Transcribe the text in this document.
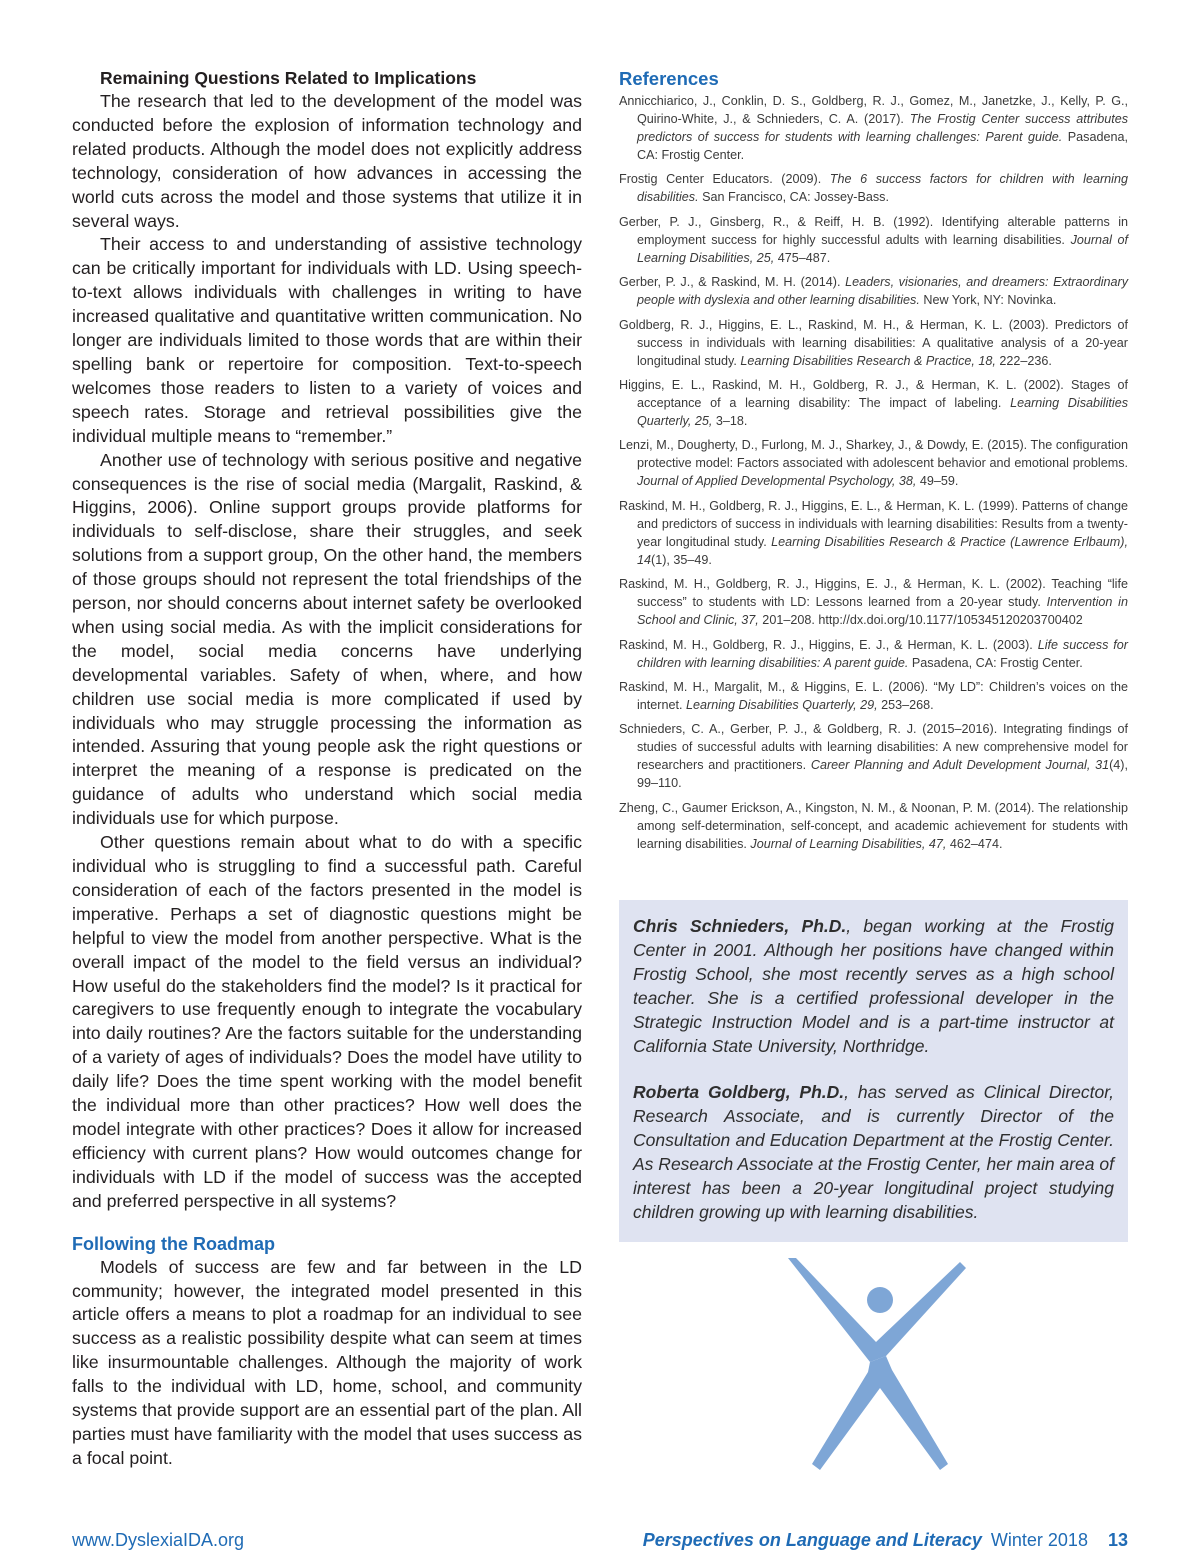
Remaining Questions Related to Implications

The research that led to the development of the model was conducted before the explosion of information technology and related products. Although the model does not explicitly address technology, consideration of how advances in accessing the world cuts across the model and those systems that utilize it in several ways.

Their access to and understanding of assistive technology can be critically important for individuals with LD. Using speech-to-text allows individuals with challenges in writing to have increased qualitative and quantitative written communication. No longer are individuals limited to those words that are within their spelling bank or repertoire for composition. Text-to-speech welcomes those readers to listen to a variety of voices and speech rates. Storage and retrieval possibilities give the individual multiple means to “remember.”

Another use of technology with serious positive and negative consequences is the rise of social media (Margalit, Raskind, & Higgins, 2006). Online support groups provide platforms for individuals to self-disclose, share their struggles, and seek solutions from a support group, On the other hand, the members of those groups should not represent the total friendships of the person, nor should concerns about internet safety be overlooked when using social media. As with the implicit considerations for the model, social media concerns have underlying developmental variables. Safety of when, where, and how children use social media is more complicated if used by individuals who may struggle processing the information as intended. Assuring that young people ask the right questions or interpret the meaning of a response is predicated on the guidance of adults who understand which social media individuals use for which purpose.

Other questions remain about what to do with a specific individual who is struggling to find a successful path. Careful consideration of each of the factors presented in the model is imperative. Perhaps a set of diagnostic questions might be helpful to view the model from another perspective. What is the overall impact of the model to the field versus an individual? How useful do the stakeholders find the model? Is it practical for caregivers to use frequently enough to integrate the vocabulary into daily routines? Are the factors suitable for the understanding of a variety of ages of individuals? Does the model have utility to daily life? Does the time spent working with the model benefit the individual more than other practices? How well does the model integrate with other practices? Does it allow for increased efficiency with current plans? How would outcomes change for individuals with LD if the model of success was the accepted and preferred perspective in all systems?

Following the Roadmap

Models of success are few and far between in the LD community; however, the integrated model presented in this article offers a means to plot a roadmap for an individual to see success as a realistic possibility despite what can seem at times like insurmountable challenges. Although the majority of work falls to the individual with LD, home, school, and community systems that provide support are an essential part of the plan. All parties must have familiarity with the model that uses success as a focal point.

References
Annicchiarico, J., Conklin, D. S., Goldberg, R. J., Gomez, M., Janetzke, J., Kelly, P. G., Quirino-White, J., & Schnieders, C. A. (2017). The Frostig Center success attributes predictors of success for students with learning challenges: Parent guide. Pasadena, CA: Frostig Center.
Frostig Center Educators. (2009). The 6 success factors for children with learning disabilities. San Francisco, CA: Jossey-Bass.
Gerber, P. J., Ginsberg, R., & Reiff, H. B. (1992). Identifying alterable patterns in employment success for highly successful adults with learning disabilities. Journal of Learning Disabilities, 25, 475–487.
Gerber, P. J., & Raskind, M. H. (2014). Leaders, visionaries, and dreamers: Extraordinary people with dyslexia and other learning disabilities. New York, NY: Novinka.
Goldberg, R. J., Higgins, E. L., Raskind, M. H., & Herman, K. L. (2003). Predictors of success in individuals with learning disabilities: A qualitative analysis of a 20-year longitudinal study. Learning Disabilities Research & Practice, 18, 222–236.
Higgins, E. L., Raskind, M. H., Goldberg, R. J., & Herman, K. L. (2002). Stages of acceptance of a learning disability: The impact of labeling. Learning Disabilities Quarterly, 25, 3–18.
Lenzi, M., Dougherty, D., Furlong, M. J., Sharkey, J., & Dowdy, E. (2015). The configuration protective model: Factors associated with adolescent behavior and emotional problems. Journal of Applied Developmental Psychology, 38, 49–59.
Raskind, M. H., Goldberg, R. J., Higgins, E. L., & Herman, K. L. (1999). Patterns of change and predictors of success in individuals with learning disabilities: Results from a twenty-year longitudinal study. Learning Disabilities Research & Practice (Lawrence Erlbaum), 14(1), 35–49.
Raskind, M. H., Goldberg, R. J., Higgins, E. J., & Herman, K. L. (2002). Teaching “life success” to students with LD: Lessons learned from a 20-year study. Intervention in School and Clinic, 37, 201–208. http://dx.doi.org/10.1177/105345120203700402
Raskind, M. H., Goldberg, R. J., Higgins, E. J., & Herman, K. L. (2003). Life success for children with learning disabilities: A parent guide. Pasadena, CA: Frostig Center.
Raskind, M. H., Margalit, M., & Higgins, E. L. (2006). “My LD”: Children’s voices on the internet. Learning Disabilities Quarterly, 29, 253–268.
Schnieders, C. A., Gerber, P. J., & Goldberg, R. J. (2015–2016). Integrating findings of studies of successful adults with learning disabilities: A new comprehensive model for researchers and practitioners. Career Planning and Adult Development Journal, 31(4), 99–110.
Zheng, C., Gaumer Erickson, A., Kingston, N. M., & Noonan, P. M. (2014). The relationship among self-determination, self-concept, and academic achievement for students with learning disabilities. Journal of Learning Disabilities, 47, 462–474.

Chris Schnieders, Ph.D., began working at the Frostig Center in 2001. Although her positions have changed within Frostig School, she most recently serves as a high school teacher. She is a certified professional developer in the Strategic Instruction Model and is a part-time instructor at California State University, Northridge.

Roberta Goldberg, Ph.D., has served as Clinical Director, Research Associate, and is currently Director of the Consultation and Education Department at the Frostig Center. As Research Associate at the Frostig Center, her main area of interest has been a 20-year longitudinal project studying children growing up with learning disabilities.

www.DyslexiaIDA.org	Perspectives on Language and Literacy Winter 2018 13
